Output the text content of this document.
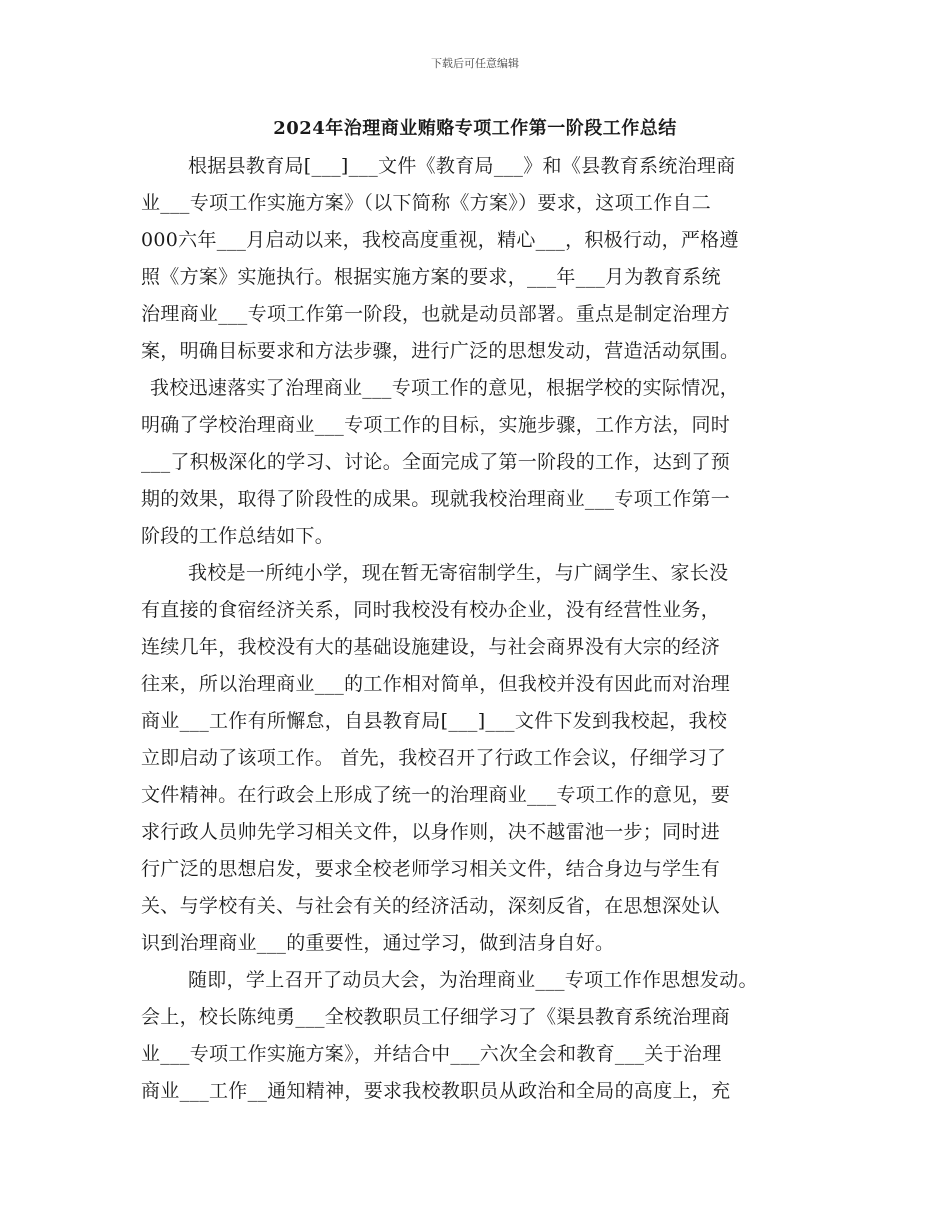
下载后可任意编辑
2024年治理商业贿赂专项工作第一阶段工作总结
根据县教育局[___]___文件《教育局___》和《县教育系统治理商
业___专项工作实施方案》（以下简称《方案》）要求，这项工作自二
000六年___月启动以来，我校高度重视，精心___，积极行动，严格遵
照《方案》实施执行。根据实施方案的要求，___年___月为教育系统
治理商业___专项工作第一阶段，也就是动员部署。重点是制定治理方
案，明确目标要求和方法步骤，进行广泛的思想发动，营造活动氛围。
我校迅速落实了治理商业___专项工作的意见，根据学校的实际情况，
明确了学校治理商业___专项工作的目标，实施步骤，工作方法，同时
___了积极深化的学习、讨论。全面完成了第一阶段的工作，达到了预
期的效果，取得了阶段性的成果。现就我校治理商业___专项工作第一
阶段的工作总结如下。
我校是一所纯小学，现在暂无寄宿制学生，与广阔学生、家长没
有直接的食宿经济关系，同时我校没有校办企业，没有经营性业务，
连续几年，我校没有大的基础设施建设，与社会商界没有大宗的经济
往来，所以治理商业___的工作相对简单，但我校并没有因此而对治理
商业___工作有所懈怠，自县教育局[___]___文件下发到我校起，我校
立即启动了该项工作。 首先，我校召开了行政工作会议，仔细学习了
文件精神。在行政会上形成了统一的治理商业___专项工作的意见，要
求行政人员帅先学习相关文件，以身作则，决不越雷池一步；同时进
行广泛的思想启发，要求全校老师学习相关文件，结合身边与学生有
关、与学校有关、与社会有关的经济活动，深刻反省，在思想深处认
识到治理商业___的重要性，通过学习，做到洁身自好。
随即，学上召开了动员大会，为治理商业___专项工作作思想发动。
会上，校长陈纯勇___全校教职员工仔细学习了《渠县教育系统治理商
业___专项工作实施方案》，并结合中___六次全会和教育___关于治理
商业___工作__通知精神，要求我校教职员从政治和全局的高度上，充
